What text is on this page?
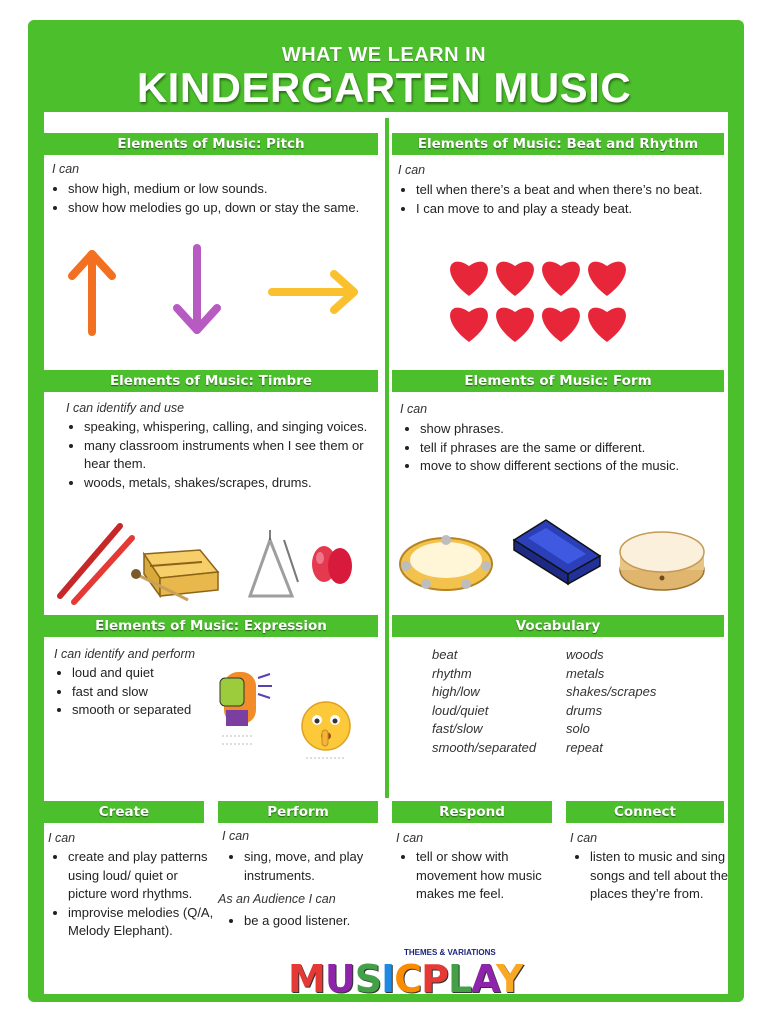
WHAT WE LEARN IN
KINDERGARTEN MUSIC
Elements of Music: Pitch
I can
• show high, medium or low sounds.
• show how melodies go up, down or stay the same.
Elements of Music: Beat and Rhythm
I can
• tell when there’s a beat and when there’s no beat.
• I can move to and play a steady beat.
Elements of Music: Timbre
I can identify and use
• speaking, whispering, calling, and singing voices.
• many classroom instruments when I see them or hear them.
• woods, metals, shakes/scrapes, drums.
Elements of Music: Form
I can
• show phrases.
• tell if phrases are the same or different.
• move to show different sections of the music.
Elements of Music: Expression
I can identify and perform
• loud and quiet
• fast and slow
• smooth or separated
Vocabulary
beat
rhythm
high/low
loud/quiet
fast/slow
smooth/separated
woods
metals
shakes/scrapes
drums
solo
repeat
Create
I can
• create and play patterns using loud/ quiet or picture word rhythms.
• improvise melodies (Q/A, Melody Elephant).
Perform
I can
• sing, move, and play instruments.
As an Audience I can
• be a good listener.
Respond
I can
• tell or show with movement how music makes me feel.
Connect
I can
• listen to music and sing songs and tell about the places they’re from.
THEMES & VARIATIONS
MUSICPLAY
